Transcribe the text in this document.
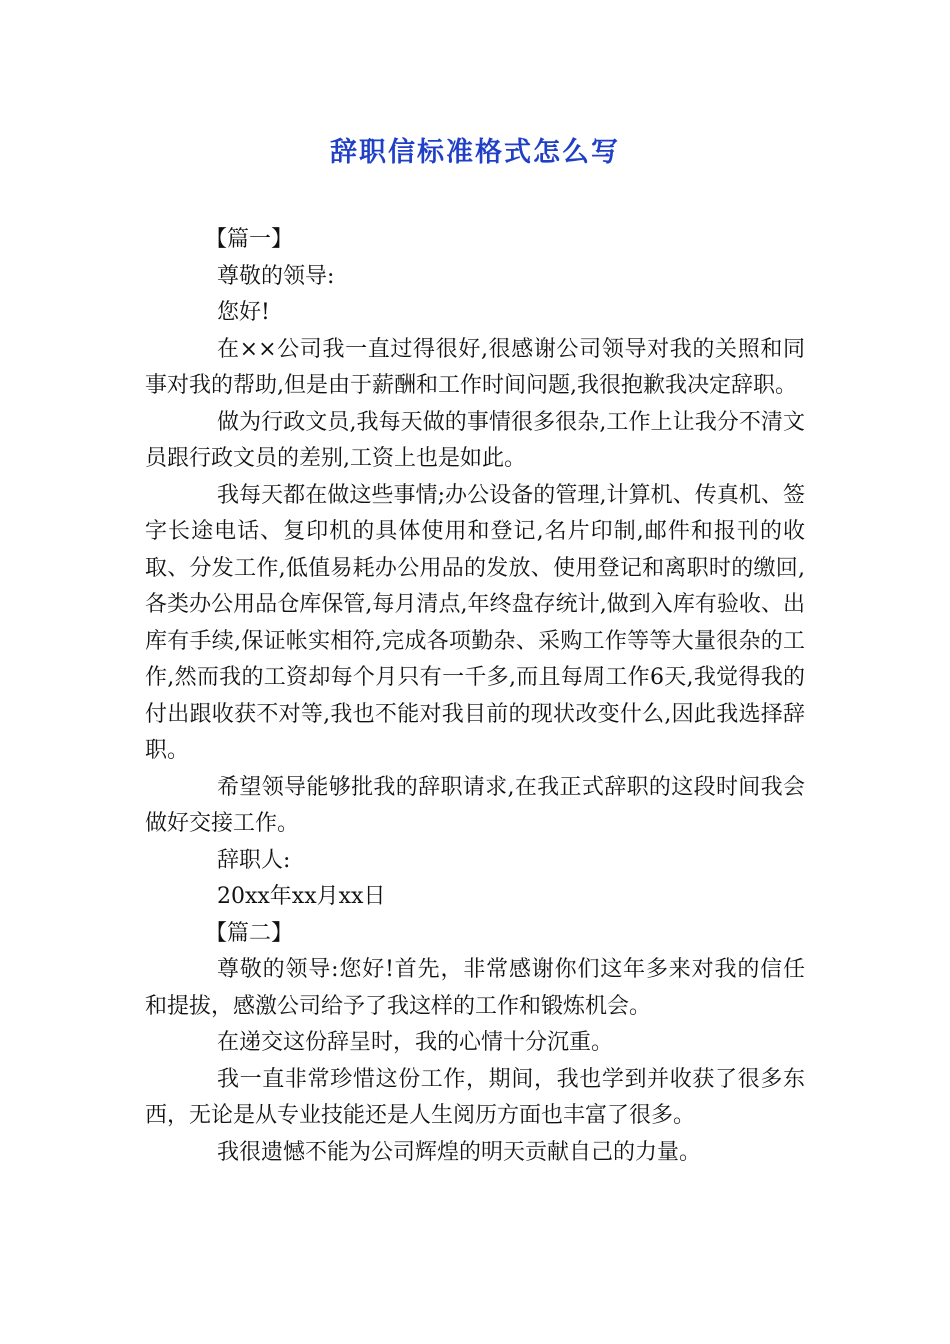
辞职信标准格式怎么写

【篇一】

尊敬的领导:

您好!

在××公司我一直过得很好,很感谢公司领导对我的关照和同事对我的帮助,但是由于薪酬和工作时间问题,我很抱歉我决定辞职。

做为行政文员,我每天做的事情很多很杂,工作上让我分不清文员跟行政文员的差别,工资上也是如此。

我每天都在做这些事情;办公设备的管理,计算机、传真机、签字长途电话、复印机的具体使用和登记,名片印制,邮件和报刊的收取、分发工作,低值易耗办公用品的发放、使用登记和离职时的缴回,各类办公用品仓库保管,每月清点,年终盘存统计,做到入库有验收、出库有手续,保证帐实相符,完成各项勤杂、采购工作等等大量很杂的工作,然而我的工资却每个月只有一千多,而且每周工作6天,我觉得我的付出跟收获不对等,我也不能对我目前的现状改变什么,因此我选择辞职。

希望领导能够批我的辞职请求,在我正式辞职的这段时间我会做好交接工作。

辞职人:

20xx年xx月xx日

【篇二】

尊敬的领导:您好!首先，非常感谢你们这年多来对我的信任和提拔，感激公司给予了我这样的工作和锻炼机会。

在递交这份辞呈时，我的心情十分沉重。

我一直非常珍惜这份工作，期间，我也学到并收获了很多东西，无论是从专业技能还是人生阅历方面也丰富了很多。

我很遗憾不能为公司辉煌的明天贡献自己的力量。
